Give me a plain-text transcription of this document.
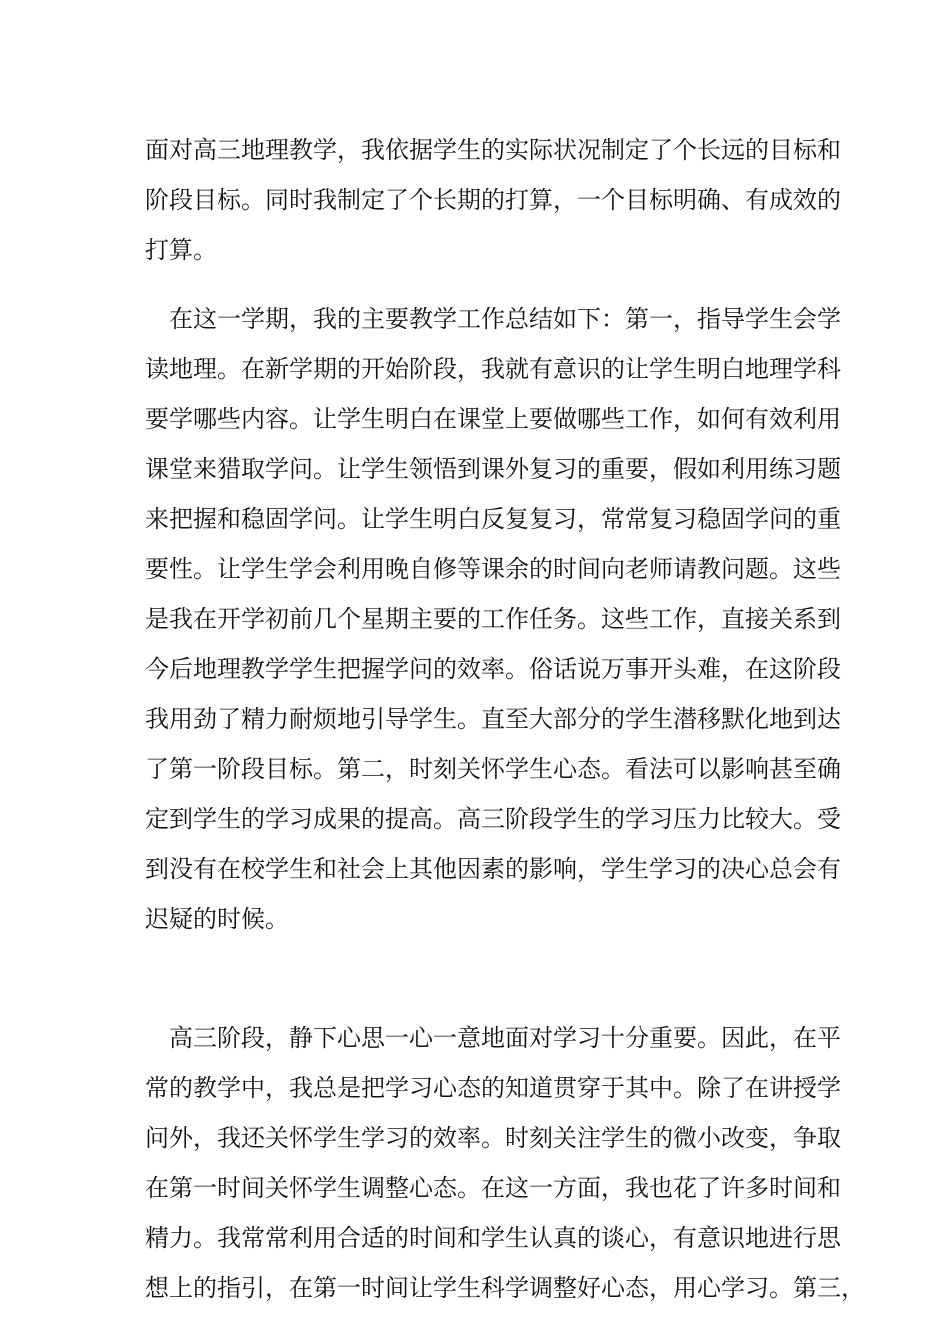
面对高三地理教学，我依据学生的实际状况制定了个长远的目标和
阶段目标。同时我制定了个长期的打算，一个目标明确、有成效的
打算。
　在这一学期，我的主要教学工作总结如下：第一，指导学生会学
读地理。在新学期的开始阶段，我就有意识的让学生明白地理学科
要学哪些内容。让学生明白在课堂上要做哪些工作，如何有效利用
课堂来猎取学问。让学生领悟到课外复习的重要，假如利用练习题
来把握和稳固学问。让学生明白反复复习，常常复习稳固学问的重
要性。让学生学会利用晚自修等课余的时间向老师请教问题。这些
是我在开学初前几个星期主要的工作任务。这些工作，直接关系到
今后地理教学学生把握学问的效率。俗话说万事开头难，在这阶段
我用劲了精力耐烦地引导学生。直至大部分的学生潜移默化地到达
了第一阶段目标。第二，时刻关怀学生心态。看法可以影响甚至确
定到学生的学习成果的提高。高三阶段学生的学习压力比较大。受
到没有在校学生和社会上其他因素的影响，学生学习的决心总会有
迟疑的时候。
　高三阶段，静下心思一心一意地面对学习十分重要。因此，在平
常的教学中，我总是把学习心态的知道贯穿于其中。除了在讲授学
问外，我还关怀学生学习的效率。时刻关注学生的微小改变，争取
在第一时间关怀学生调整心态。在这一方面，我也花了许多时间和
精力。我常常利用合适的时间和学生认真的谈心，有意识地进行思
想上的指引，在第一时间让学生科学调整好心态，用心学习。第三，
